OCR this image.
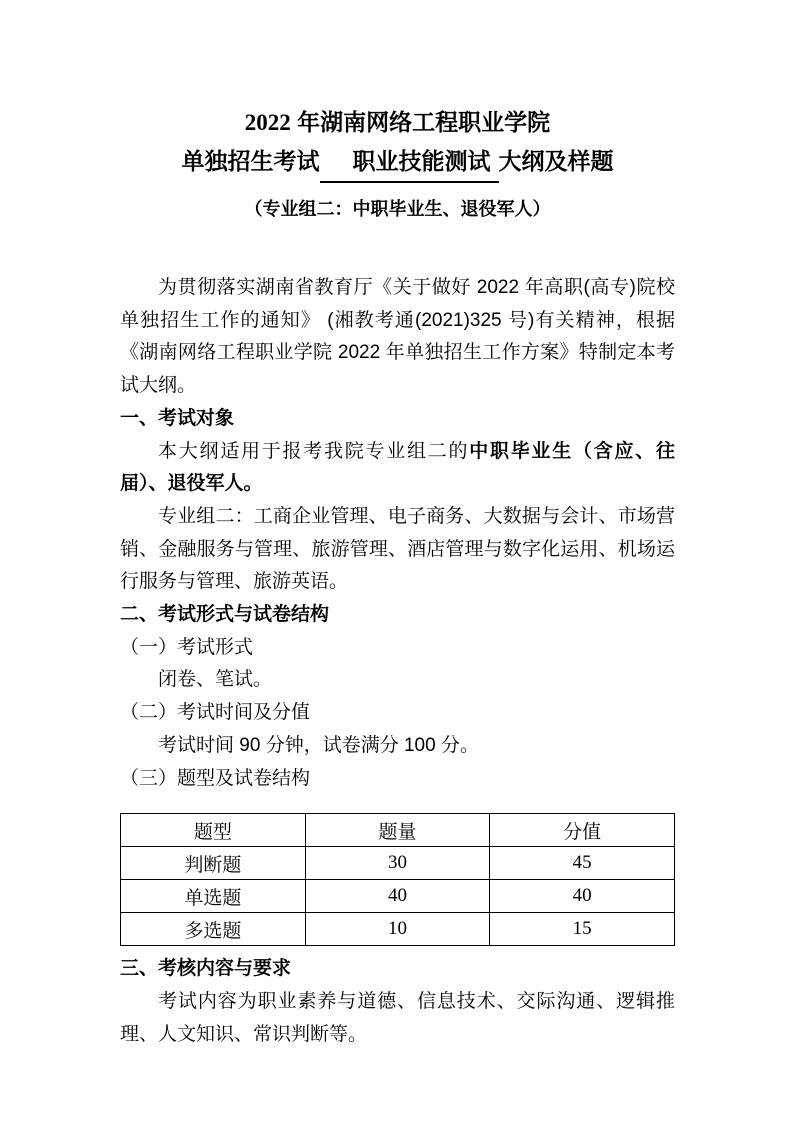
2022 年湖南网络工程职业学院
单独招生考试 职业技能测试 大纲及样题
（专业组二：中职毕业生、退役军人）

为贯彻落实湖南省教育厅《关于做好 2022 年高职(高专)院校单独招生工作的通知》 (湘教考通(2021)325 号)有关精神，根据《湖南网络工程职业学院 2022 年单独招生工作方案》特制定本考试大纲。

一、考试对象

本大纲适用于报考我院专业组二的中职毕业生（含应、往届）、退役军人。

专业组二：工商企业管理、电子商务、大数据与会计、市场营销、金融服务与管理、旅游管理、酒店管理与数字化运用、机场运行服务与管理、旅游英语。

二、考试形式与试卷结构

（一）考试形式

闭卷、笔试。

（二）考试时间及分值

考试时间 90 分钟，试卷满分 100 分。

（三）题型及试卷结构

题型	题量	分值
判断题	30	45
单选题	40	40
多选题	10	15

三、考核内容与要求

考试内容为职业素养与道德、信息技术、交际沟通、逻辑推理、人文知识、常识判断等。
